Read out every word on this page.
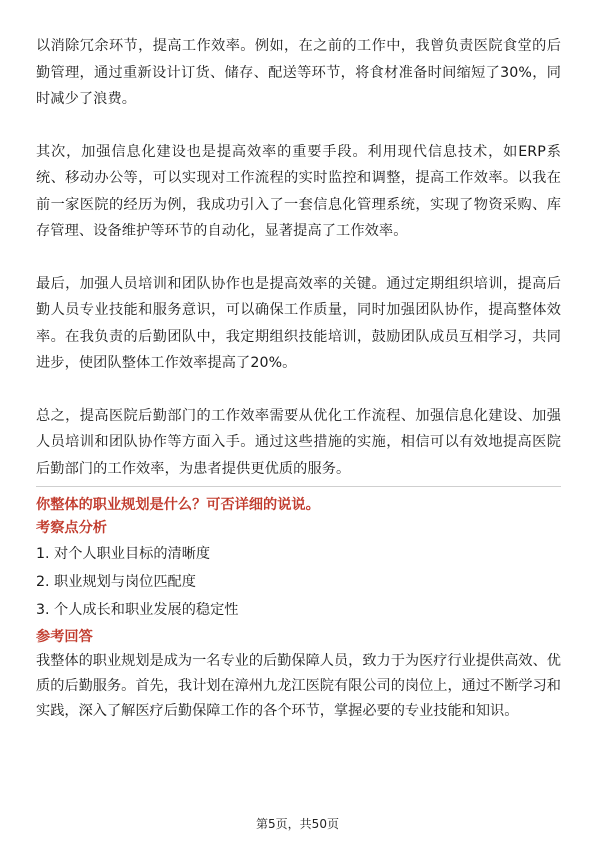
以消除冗余环节，提高工作效率。例如，在之前的工作中，我曾负责医院食堂的后勤管理，通过重新设计订货、储存、配送等环节，将食材准备时间缩短了30%，同时减少了浪费。

其次，加强信息化建设也是提高效率的重要手段。利用现代信息技术，如ERP系统、移动办公等，可以实现对工作流程的实时监控和调整，提高工作效率。以我在前一家医院的经历为例，我成功引入了一套信息化管理系统，实现了物资采购、库存管理、设备维护等环节的自动化，显著提高了工作效率。

最后，加强人员培训和团队协作也是提高效率的关键。通过定期组织培训，提高后勤人员专业技能和服务意识，可以确保工作质量，同时加强团队协作，提高整体效率。在我负责的后勤团队中，我定期组织技能培训，鼓励团队成员互相学习，共同进步，使团队整体工作效率提高了20%。

总之，提高医院后勤部门的工作效率需要从优化工作流程、加强信息化建设、加强人员培训和团队协作等方面入手。通过这些措施的实施，相信可以有效地提高医院后勤部门的工作效率，为患者提供更优质的服务。

你整体的职业规划是什么？可否详细的说说。

考察点分析

1. 对个人职业目标的清晰度
2. 职业规划与岗位匹配度
3. 个人成长和职业发展的稳定性

参考回答

我整体的职业规划是成为一名专业的后勤保障人员，致力于为医疗行业提供高效、优质的后勤服务。首先，我计划在漳州九龙江医院有限公司的岗位上，通过不断学习和实践，深入了解医疗后勤保障工作的各个环节，掌握必要的专业技能和知识。

第5页，共50页
